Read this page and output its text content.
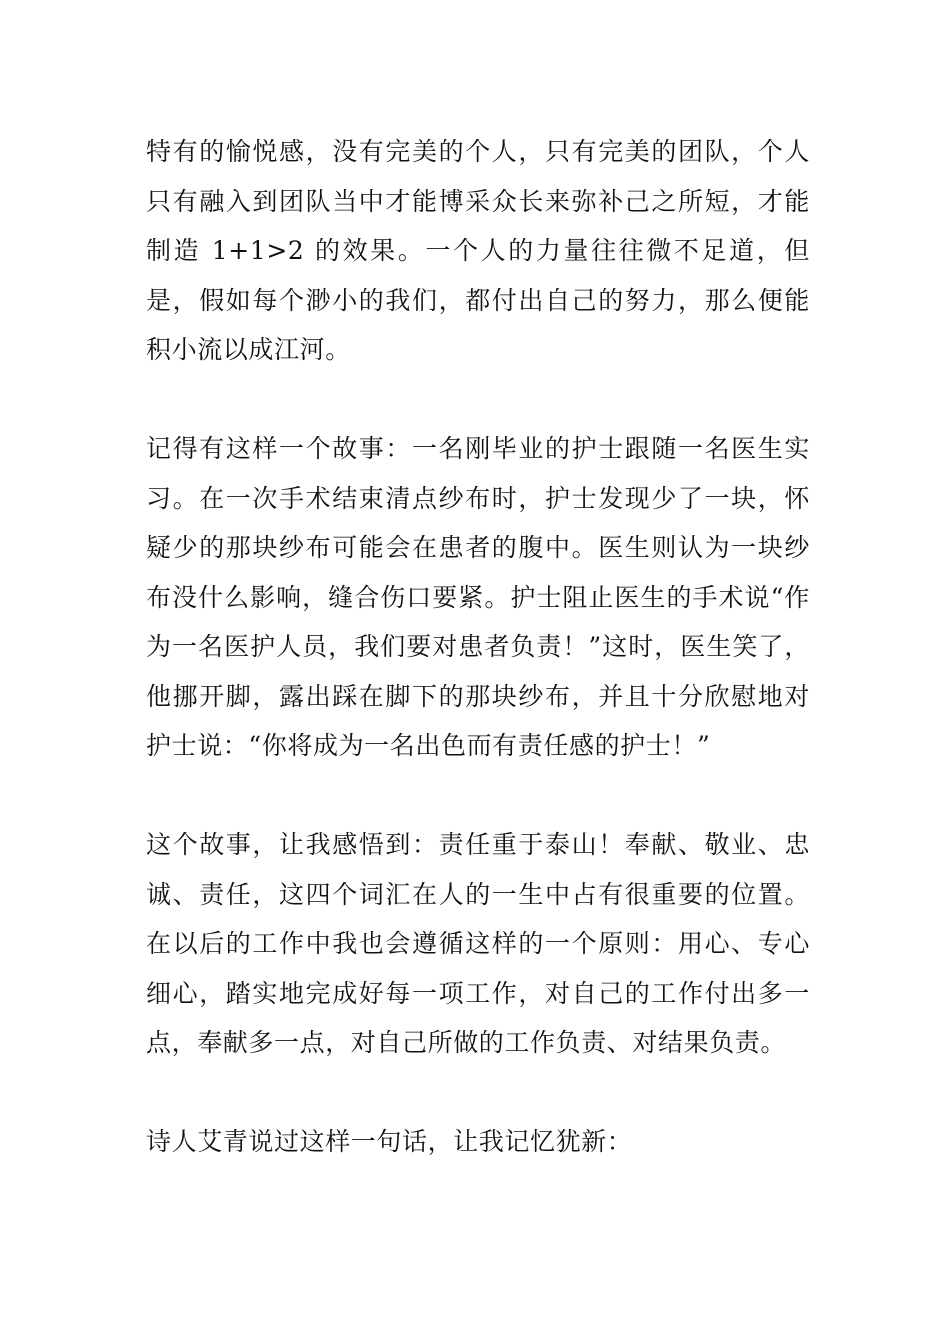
特有的愉悦感，没有完美的个人，只有完美的团队，个人只有融入到团队当中才能博采众长来弥补己之所短，才能制造 1+1>2 的效果。一个人的力量往往微不足道，但是，假如每个渺小的我们，都付出自己的努力，那么便能积小流以成江河。

记得有这样一个故事：一名刚毕业的护士跟随一名医生实习。在一次手术结束清点纱布时，护士发现少了一块，怀疑少的那块纱布可能会在患者的腹中。医生则认为一块纱布没什么影响，缝合伤口要紧。护士阻止医生的手术说“作为一名医护人员，我们要对患者负责！”这时，医生笑了，他挪开脚，露出踩在脚下的那块纱布，并且十分欣慰地对护士说：“你将成为一名出色而有责任感的护士！”

这个故事，让我感悟到：责任重于泰山！奉献、敬业、忠诚、责任，这四个词汇在人的一生中占有很重要的位置。在以后的工作中我也会遵循这样的一个原则：用心、专心细心，踏实地完成好每一项工作，对自己的工作付出多一点，奉献多一点，对自己所做的工作负责、对结果负责。

诗人艾青说过这样一句话，让我记忆犹新：
